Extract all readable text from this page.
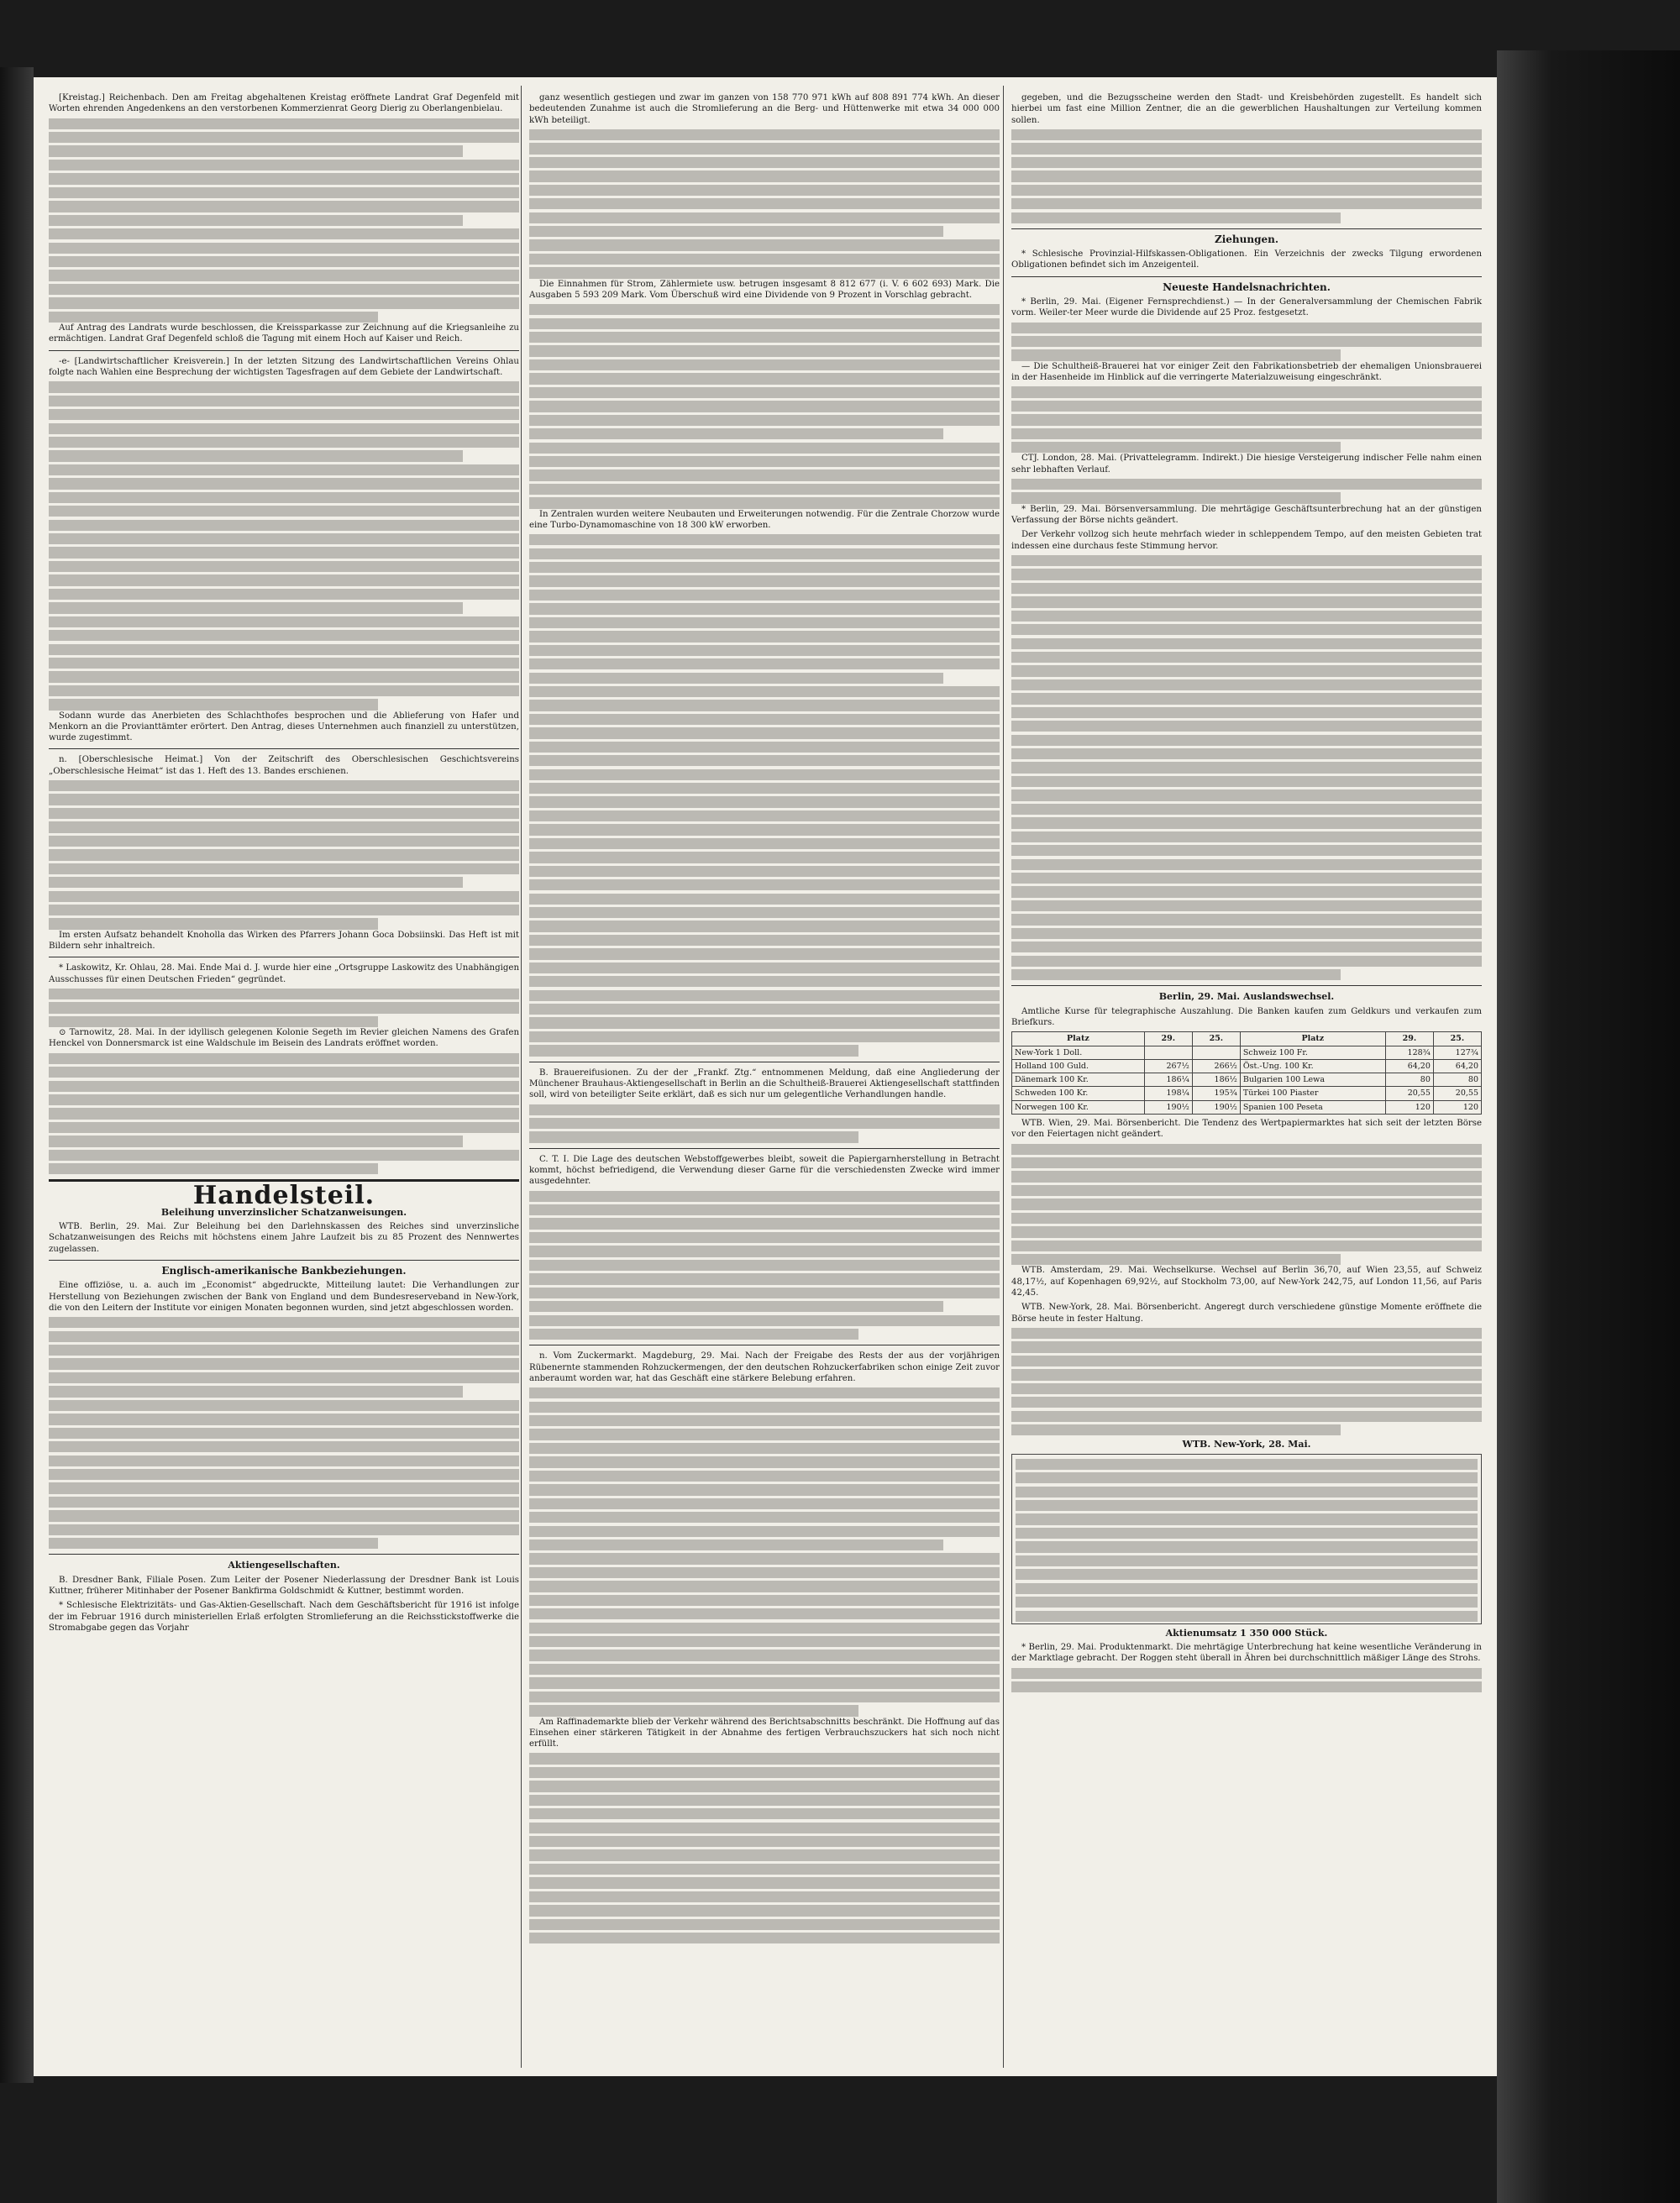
[Kreistag.] Reichenbach. Den am Freitag abgehaltenen Kreistag eröffnete Landrat Graf Degenfeld mit Worten ehrenden Angedenkens an den verstorbenen Kommerzienrat Georg Dierig zu Oberlangenbielau.

Auf Antrag des Landrats wurde beschlossen, die Kreissparkasse zur Zeichnung auf die Kriegsanleihe zu ermächtigen. Landrat Graf Degenfeld schloß die Tagung mit einem Hoch auf Kaiser und Reich.

-e- [Landwirtschaftlicher Kreisverein.] In der letzten Sitzung des Landwirtschaftlichen Vereins Ohlau folgte nach Wahlen eine Besprechung der wichtigsten Tagesfragen auf dem Gebiete der Landwirtschaft.

Sodann wurde das Anerbieten des Schlachthofes besprochen und die Ablieferung von Hafer und Menkorn an die Provianttämter erörtert. Den Antrag, dieses Unternehmen auch finanziell zu unterstützen, wurde zugestimmt.

n. [Oberschlesische Heimat.] Von der Zeitschrift des Oberschlesischen Geschichtsvereins „Oberschlesische Heimat“ ist das 1. Heft des 13. Bandes erschienen.

Im ersten Aufsatz behandelt Knoholla das Wirken des Pfarrers Johann Goca Dobsiinski. Das Heft ist mit Bildern sehr inhaltreich.

* Laskowitz, Kr. Ohlau, 28. Mai. Ende Mai d. J. wurde hier eine „Ortsgruppe Laskowitz des Unabhängigen Ausschusses für einen Deutschen Frieden“ gegründet.

⊙ Tarnowitz, 28. Mai. In der idyllisch gelegenen Kolonie Segeth im Revier gleichen Namens des Grafen Henckel von Donnersmarck ist eine Waldschule im Beisein des Landrats eröffnet worden.

Handelsteil.
Beleihung unverzinslicher Schatzanweisungen.

WTB. Berlin, 29. Mai. Zur Beleihung bei den Darlehnskassen des Reiches sind unverzinsliche Schatzanweisungen des Reichs mit höchstens einem Jahre Laufzeit bis zu 85 Prozent des Nennwertes zugelassen.

Englisch-amerikanische Bankbeziehungen.

Eine offiziöse, u. a. auch im „Economist“ abgedruckte, Mitteilung lautet: Die Verhandlungen zur Herstellung von Beziehungen zwischen der Bank von England und dem Bundesreserveband in New-York, die von den Leitern der Institute vor einigen Monaten begonnen wurden, sind jetzt abgeschlossen worden.

Aktiengesellschaften.

B. Dresdner Bank, Filiale Posen. Zum Leiter der Posener Niederlassung der Dresdner Bank ist Louis Kuttner, früherer Mitinhaber der Posener Bankfirma Goldschmidt & Kuttner, bestimmt worden.

* Schlesische Elektrizitäts- und Gas-Aktien-Gesellschaft. Nach dem Geschäftsbericht für 1916 ist infolge der im Februar 1916 durch ministeriellen Erlaß erfolgten Stromlieferung an die Reichsstickstoffwerke die Stromabgabe gegen das Vorjahr

ganz wesentlich gestiegen und zwar im ganzen von 158 770 971 kWh auf 808 891 774 kWh. An dieser bedeutenden Zunahme ist auch die Stromlieferung an die Berg- und Hüttenwerke mit etwa 34 000 000 kWh beteiligt.

Die Einnahmen für Strom, Zählermiete usw. betrugen insgesamt 8 812 677 (i. V. 6 602 693) Mark. Die Ausgaben 5 593 209 Mark. Vom Überschuß wird eine Dividende von 9 Prozent in Vorschlag gebracht.

In Zentralen wurden weitere Neubauten und Erweiterungen notwendig. Für die Zentrale Chorzow wurde eine Turbo-Dynamomaschine von 18 300 kW erworben.

B. Brauereifusionen. Zu der der „Frankf. Ztg.“ entnommenen Meldung, daß eine Angliederung der Münchener Brauhaus-Aktiengesellschaft in Berlin an die Schultheiß-Brauerei Aktiengesellschaft stattfinden soll, wird von beteiligter Seite erklärt, daß es sich nur um gelegentliche Verhandlungen handle.

C. T. I. Die Lage des deutschen Webstoffgewerbes bleibt, soweit die Papiergarnherstellung in Betracht kommt, höchst befriedigend, die Verwendung dieser Garne für die verschiedensten Zwecke wird immer ausgedehnter.

n. Vom Zuckermarkt. Magdeburg, 29. Mai. Nach der Freigabe des Rests der aus der vorjährigen Rübenernte stammenden Rohzuckermengen, der den deutschen Rohzuckerfabriken schon einige Zeit zuvor anberaumt worden war, hat das Geschäft eine stärkere Belebung erfahren.

Am Raffinademarkte blieb der Verkehr während des Berichtsabschnitts beschränkt. Die Hoffnung auf das Einsehen einer stärkeren Tätigkeit in der Abnahme des fertigen Verbrauchszuckers hat sich noch nicht erfüllt.

gegeben, und die Bezugsscheine werden den Stadt- und Kreisbehörden zugestellt. Es handelt sich hierbei um fast eine Million Zentner, die an die gewerblichen Haushaltungen zur Verteilung kommen sollen.

Ziehungen.

* Schlesische Provinzial-Hilfskassen-Obligationen. Ein Verzeichnis der zwecks Tilgung erwordenen Obligationen befindet sich im Anzeigenteil.

Neueste Handelsnachrichten.

* Berlin, 29. Mai. (Eigener Fernsprechdienst.) — In der Generalversammlung der Chemischen Fabrik vorm. Weiler-ter Meer wurde die Dividende auf 25 Proz. festgesetzt.

— Die Schultheiß-Brauerei hat vor einiger Zeit den Fabrikationsbetrieb der ehemaligen Unionsbrauerei in der Hasenheide im Hinblick auf die verringerte Materialzuweisung eingeschränkt.

CTJ. London, 28. Mai. (Privattelegramm. Indirekt.) Die hiesige Versteigerung indischer Felle nahm einen sehr lebhaften Verlauf.

* Berlin, 29. Mai. Börsenversammlung. Die mehrtägige Geschäftsunterbrechung hat an der günstigen Verfassung der Börse nichts geändert.

Der Verkehr vollzog sich heute mehrfach wieder in schleppendem Tempo, auf den meisten Gebieten trat indessen eine durchaus feste Stimmung hervor.

Berlin, 29. Mai. Auslandswechsel.

Amtliche Kurse für telegraphische Auszahlung. Die Banken kaufen zum Geldkurs und verkaufen zum Briefkurs.

Platz	29.	25.	Platz	29.	25.
New-York 1 Doll.			Schweiz 100 Fr.	128¾	127¾
Holland 100 Guld.	267½	266½	Öst.-Ung. 100 Kr.	64,20	64,20
Dänemark 100 Kr.	186¼	186½	Bulgarien 100 Lewa	80	80
Schweden 100 Kr.	198¼	195¾	Türkei 100 Piaster	20,55	20,55
Norwegen 100 Kr.	190½	190½	Spanien 100 Peseta	120	120

WTB. Wien, 29. Mai. Börsenbericht. Die Tendenz des Wertpapiermarktes hat sich seit der letzten Börse vor den Feiertagen nicht geändert.

WTB. Amsterdam, 29. Mai. Wechselkurse. Wechsel auf Berlin 36,70, auf Wien 23,55, auf Schweiz 48,17½, auf Kopenhagen 69,92½, auf Stockholm 73,00, auf New-York 242,75, auf London 11,56, auf Paris 42,45.

WTB. New-York, 28. Mai. Börsenbericht. Angeregt durch verschiedene günstige Momente eröffnete die Börse heute in fester Haltung.

WTB. New-York, 28. Mai.
Aktienumsatz 1 350 000 Stück.

* Berlin, 29. Mai. Produktenmarkt. Die mehrtägige Unterbrechung hat keine wesentliche Veränderung in der Marktlage gebracht. Der Roggen steht überall in Ähren bei durchschnittlich mäßiger Länge des Strohs.
